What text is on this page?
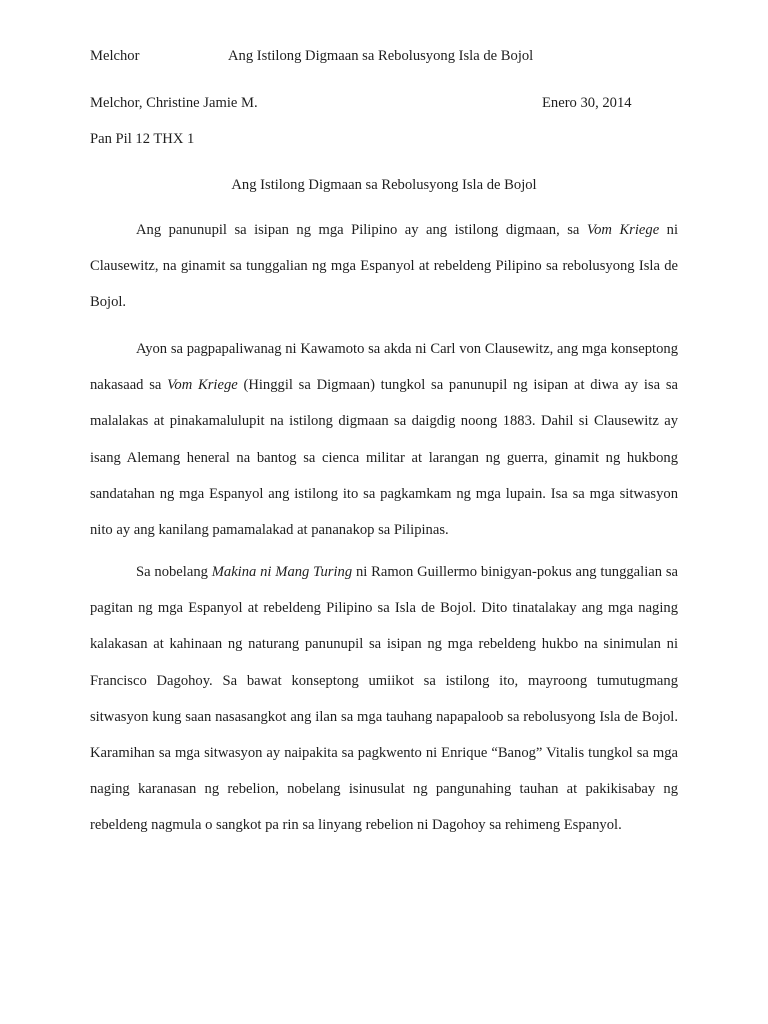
Melchor	Ang Istilong Digmaan sa Rebolusyong Isla de Bojol
Melchor, Christine Jamie M.	Enero 30, 2014
Pan Pil 12 THX 1
Ang Istilong Digmaan sa Rebolusyong Isla de Bojol

Ang panunupil sa isipan ng mga Pilipino ay ang istilong digmaan, sa Vom Kriege ni Clausewitz, na ginamit sa tunggalian ng mga Espanyol at rebeldeng Pilipino sa rebolusyong Isla de Bojol.

Ayon sa pagpapaliwanag ni Kawamoto sa akda ni Carl von Clausewitz, ang mga konseptong nakasaad sa Vom Kriege (Hinggil sa Digmaan) tungkol sa panunupil ng isipan at diwa ay isa sa malalakas at pinakamalulupit na istilong digmaan sa daigdig noong 1883. Dahil si Clausewitz ay isang Alemang heneral na bantog sa cienca militar at larangan ng guerra, ginamit ng hukbong sandatahan ng mga Espanyol ang istilong ito sa pagkamkam ng mga lupain. Isa sa mga sitwasyon nito ay ang kanilang pamamalakad at pananakop sa Pilipinas.

Sa nobelang Makina ni Mang Turing ni Ramon Guillermo binigyan-pokus ang tunggalian sa pagitan ng mga Espanyol at rebeldeng Pilipino sa Isla de Bojol. Dito tinatalakay ang mga naging kalakasan at kahinaan ng naturang panunupil sa isipan ng mga rebeldeng hukbo na sinimulan ni Francisco Dagohoy. Sa bawat konseptong umiikot sa istilong ito, mayroong tumutugmang sitwasyon kung saan nasasangkot ang ilan sa mga tauhang napapaloob sa rebolusyong Isla de Bojol. Karamihan sa mga sitwasyon ay naipakita sa pagkwento ni Enrique “Banog” Vitalis tungkol sa mga naging karanasan ng rebelion, nobelang isinusulat ng pangunahing tauhan at pakikisabay ng rebeldeng nagmula o sangkot pa rin sa linyang rebelion ni Dagohoy sa rehimeng Espanyol.
